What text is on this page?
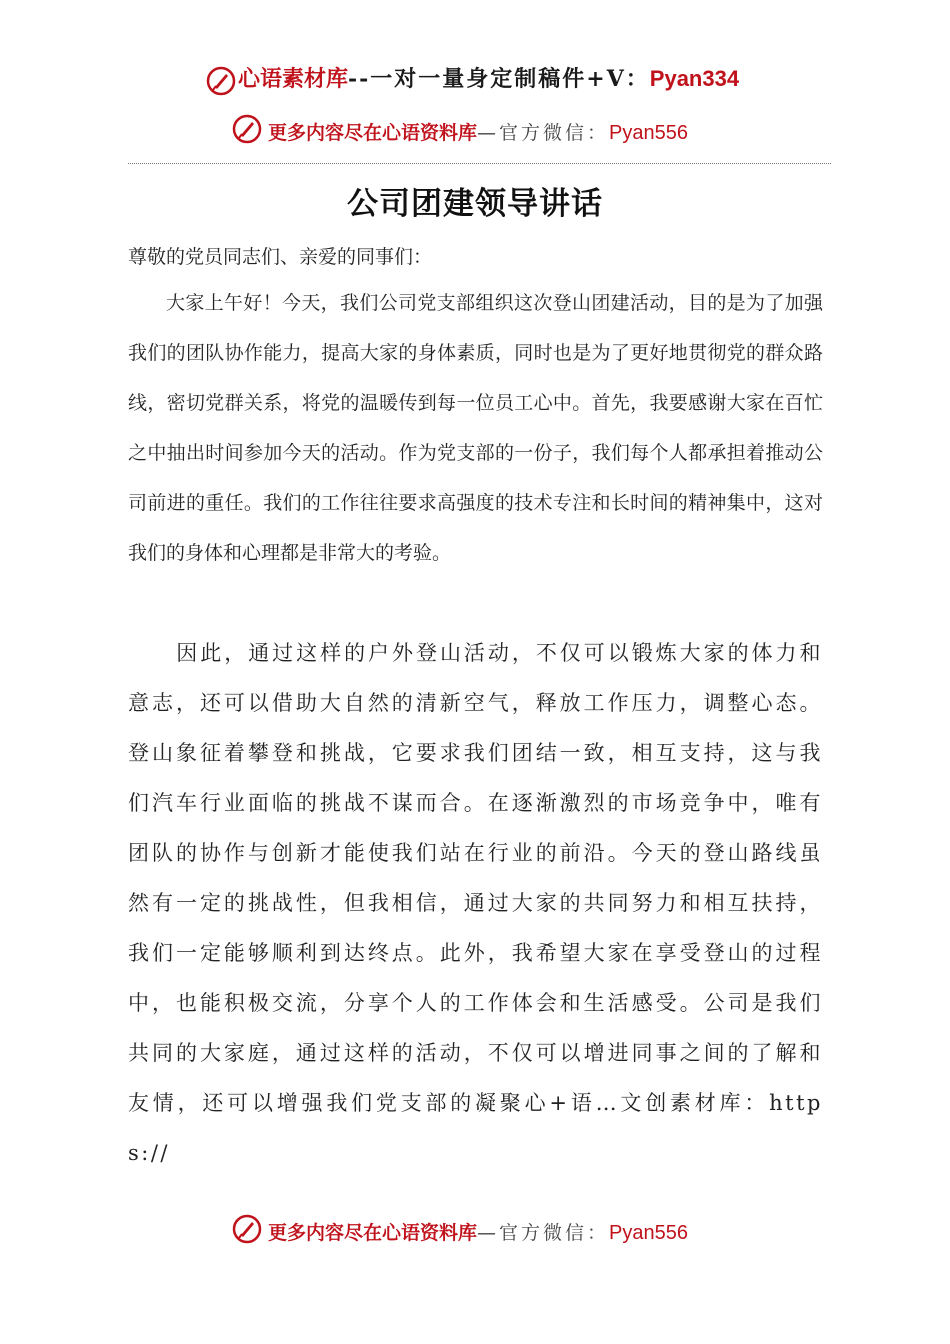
心语素材库--一对一量身定制稿件+V：Pyan334
更多内容尽在心语资料库—官方微信：Pyan556
公司团建领导讲话
尊敬的党员同志们、亲爱的同事们：
大家上午好！今天，我们公司党支部组织这次登山团建活动，目的是为了加强我们的团队协作能力，提高大家的身体素质，同时也是为了更好地贯彻党的群众路线，密切党群关系，将党的温暖传到每一位员工心中。首先，我要感谢大家在百忙之中抽出时间参加今天的活动。作为党支部的一份子，我们每个人都承担着推动公司前进的重任。我们的工作往往要求高强度的技术专注和长时间的精神集中，这对我们的身体和心理都是非常大的考验。
因此，通过这样的户外登山活动，不仅可以锻炼大家的体力和意志，还可以借助大自然的清新空气，释放工作压力，调整心态。登山象征着攀登和挑战，它要求我们团结一致，相互支持，这与我们汽车行业面临的挑战不谋而合。在逐渐激烈的市场竞争中，唯有团队的协作与创新才能使我们站在行业的前沿。今天的登山路线虽然有一定的挑战性，但我相信，通过大家的共同努力和相互扶持，我们一定能够顺利到达终点。此外，我希望大家在享受登山的过程中，也能积极交流，分享个人的工作体会和生活感受。公司是我们共同的大家庭，通过这样的活动，不仅可以增进同事之间的了解和友情，还可以增强我们党支部的凝聚心+语…文创素材库：https://
更多内容尽在心语资料库—官方微信：Pyan556
